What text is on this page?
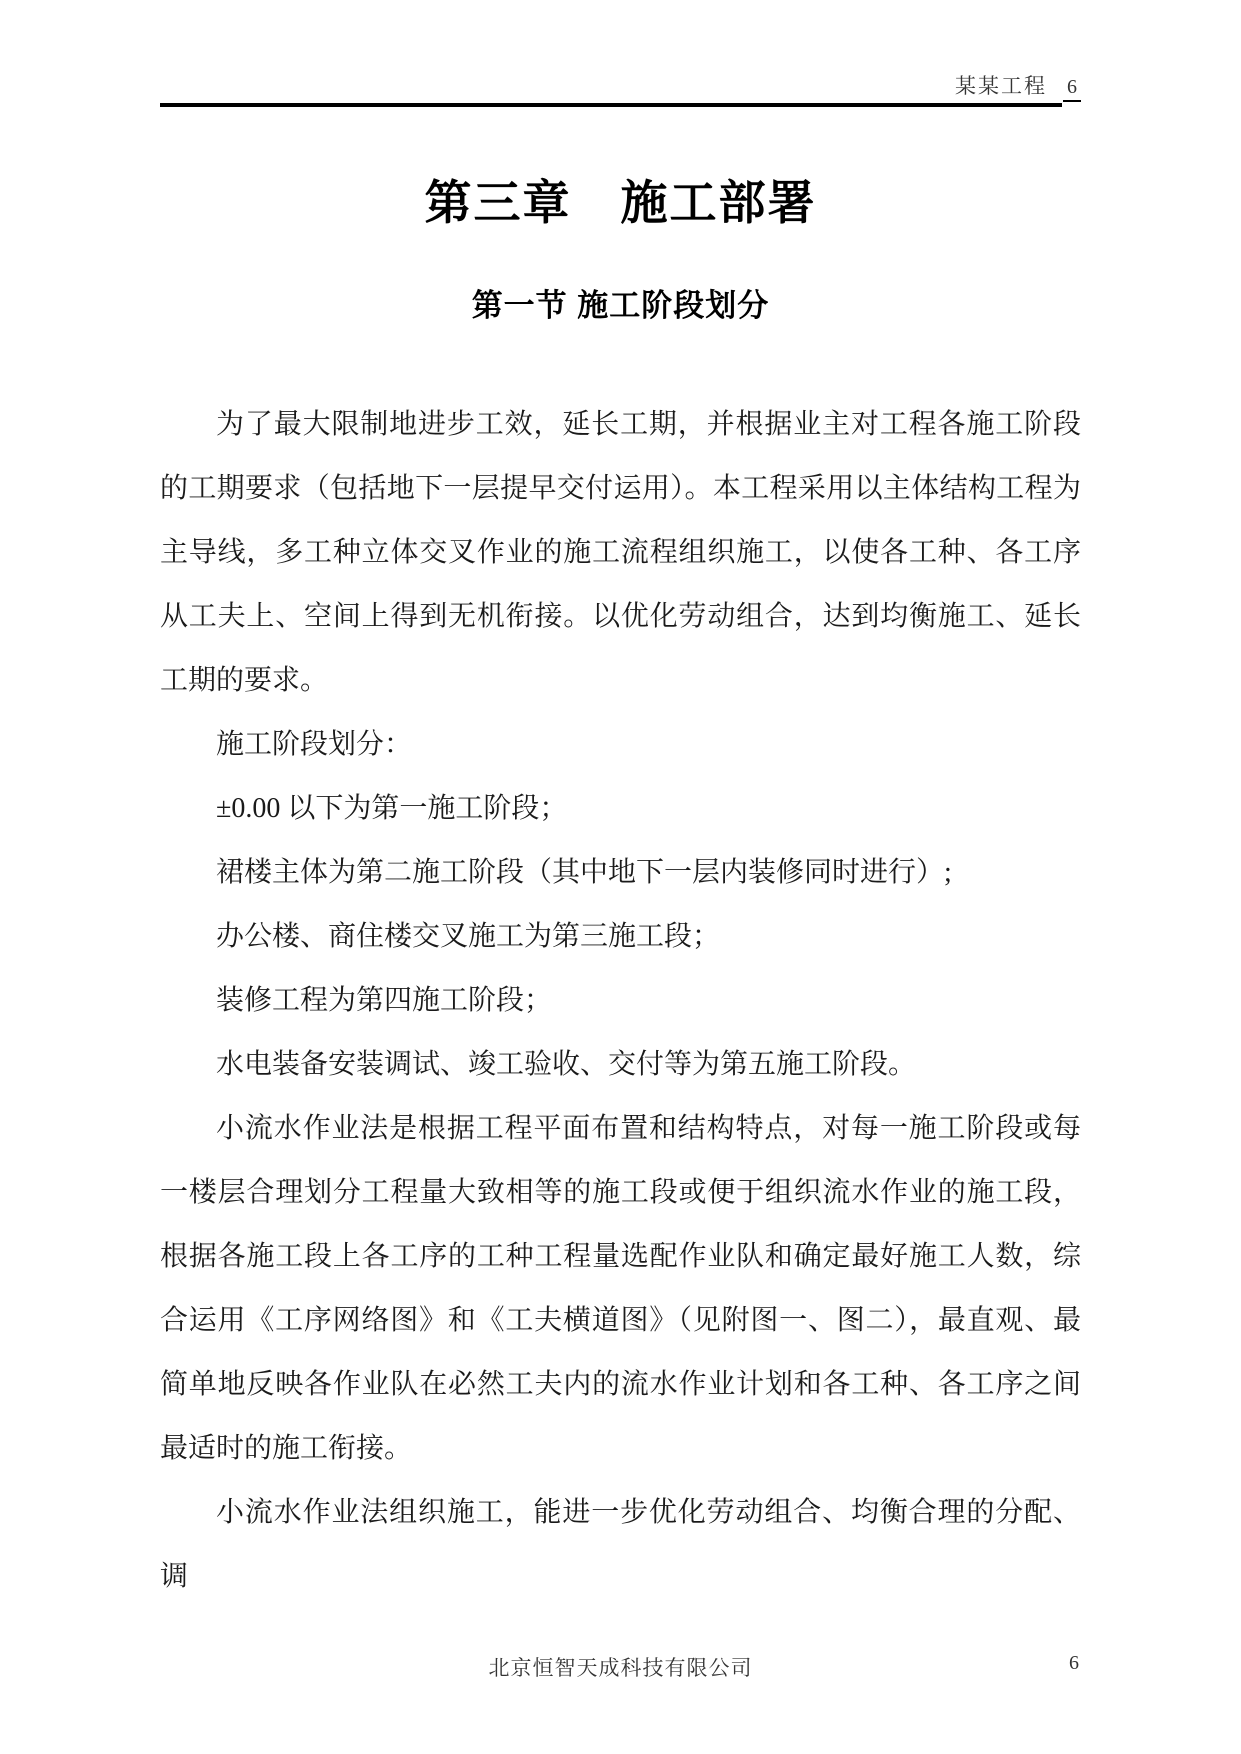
某某工程 6
第三章　施工部署
第一节 施工阶段划分

为了最大限制地进步工效，延长工期，并根据业主对工程各施工阶段的工期要求（包括地下一层提早交付运用）。本工程采用以主体结构工程为主导线，多工种立体交叉作业的施工流程组织施工，以使各工种、各工序从工夫上、空间上得到无机衔接。以优化劳动组合，达到均衡施工、延长工期的要求。

施工阶段划分：

±0.00 以下为第一施工阶段；

裙楼主体为第二施工阶段（其中地下一层内装修同时进行）;

办公楼、商住楼交叉施工为第三施工段；

装修工程为第四施工阶段；

水电装备安装调试、竣工验收、交付等为第五施工阶段。

小流水作业法是根据工程平面布置和结构特点，对每一施工阶段或每一楼层合理划分工程量大致相等的施工段或便于组织流水作业的施工段，根据各施工段上各工序的工种工程量选配作业队和确定最好施工人数，综合运用《工序网络图》和《工夫横道图》（见附图一、图二），最直观、最简单地反映各作业队在必然工夫内的流水作业计划和各工种、各工序之间最适时的施工衔接。

小流水作业法组织施工，能进一步优化劳动组合、均衡合理的分配、调

北京恒智天成科技有限公司	6
